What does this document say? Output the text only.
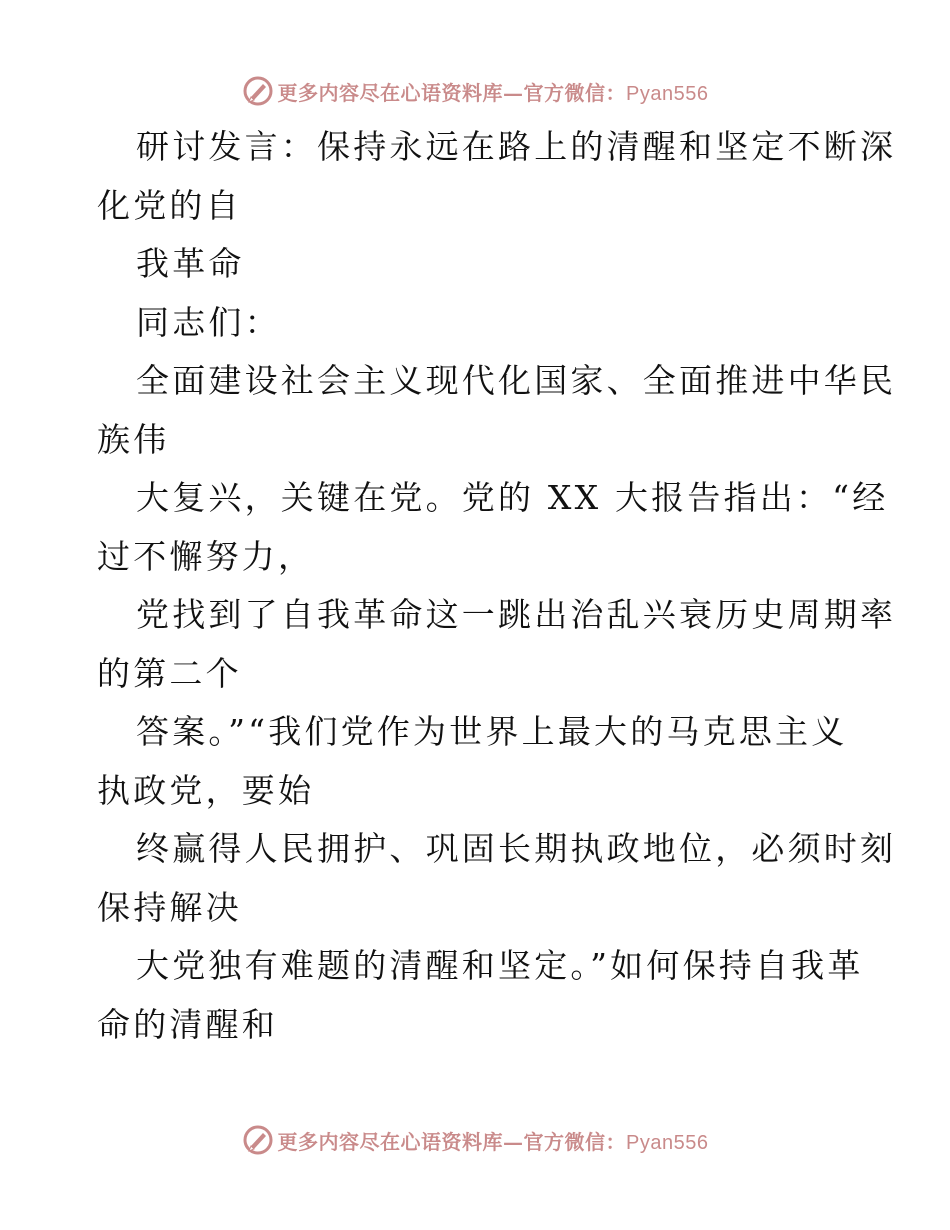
更多内容尽在心语资料库—官方微信：Pyan556
研讨发言：保持永远在路上的清醒和坚定不断深
化党的自
我革命
同志们：
全面建设社会主义现代化国家、全面推进中华民
族伟
大复兴，关键在党。党的 XX 大报告指出：“经
过不懈努力，
党找到了自我革命这一跳出治乱兴衰历史周期率
的第二个
答案。”“我们党作为世界上最大的马克思主义
执政党，要始
终赢得人民拥护、巩固长期执政地位，必须时刻
保持解决
大党独有难题的清醒和坚定。”如何保持自我革
命的清醒和
更多内容尽在心语资料库—官方微信：Pyan556
